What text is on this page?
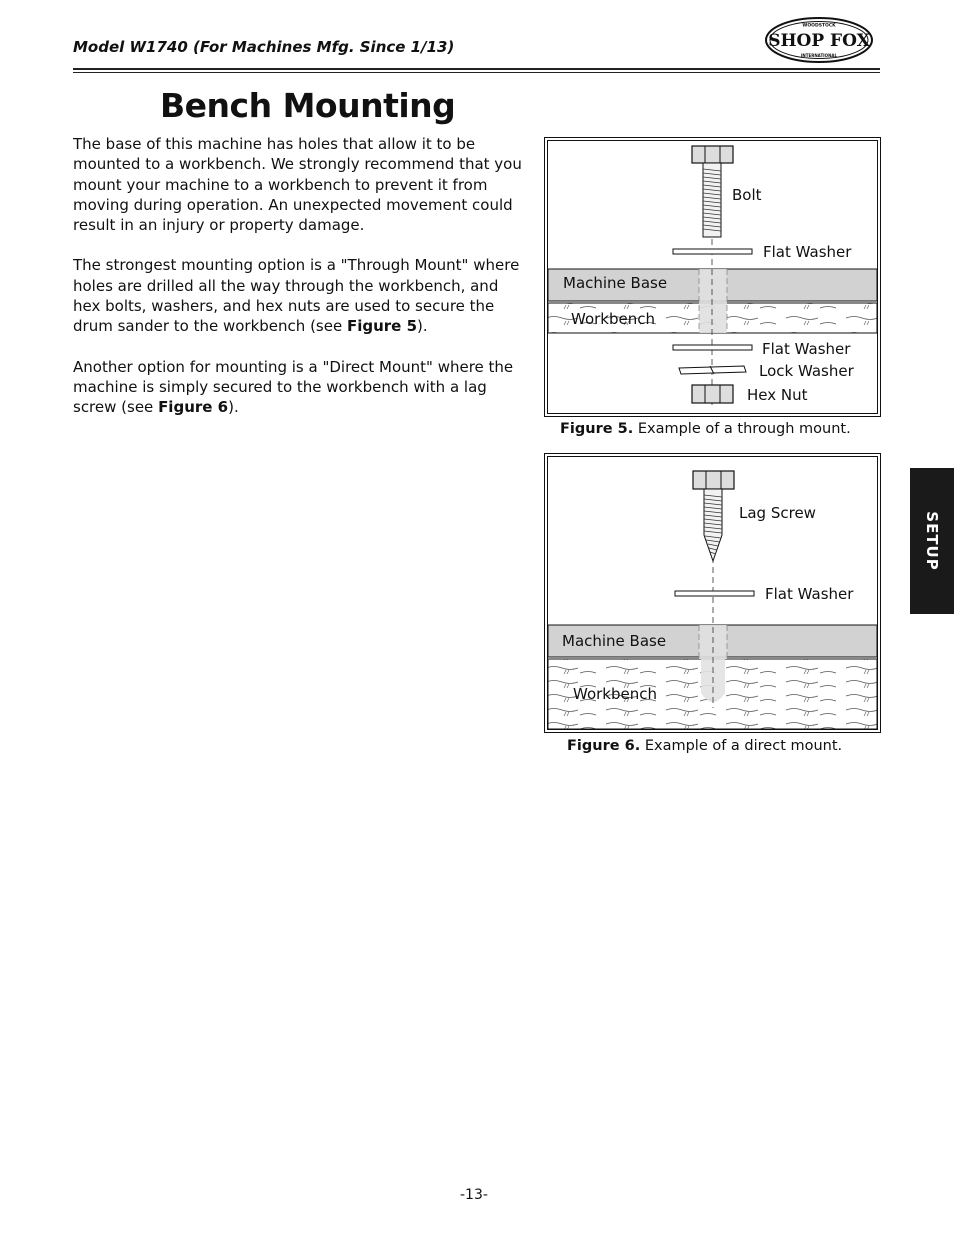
Model W1740 (For Machines Mfg. Since 1/13)
WOODSTOCK
SHOP FOX
INTERNATIONAL
Bench Mounting

The base of this machine has holes that allow it to be mounted to a workbench. We strongly recommend that you mount your machine to a workbench to prevent it from moving during operation. An unexpected movement could result in an injury or property damage.

The strongest mounting option is a "Through Mount" where holes are drilled all the way through the workbench, and hex bolts, washers, and hex nuts are used to secure the drum sander to the workbench (see Figure 5).

Another option for mounting is a "Direct Mount" where the machine is simply secured to the workbench with a lag screw (see Figure 6).

Bolt
Flat Washer
Machine Base
Workbench
Flat Washer
Lock Washer
Hex Nut
Figure 5. Example of a through mount.
Lag Screw
Flat Washer
Machine Base
Workbench
Figure 6. Example of a direct mount.
SETUP
-13-
